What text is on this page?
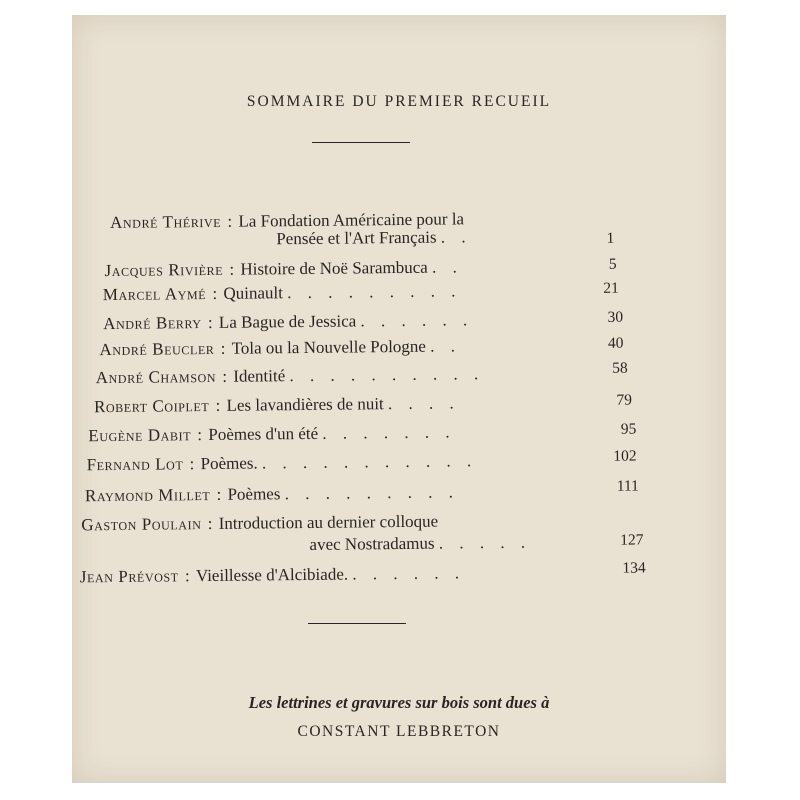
SOMMAIRE DU PREMIER RECUEIL
André Thérive : La Fondation Américaine pour la
Pensée et l'Art Français . .	1
Jacques Rivière : Histoire de Noë Sarambuca . .	5
Marcel Aymé : Quinault . . . . . . . . .	21
André Berry : La Bague de Jessica . . . . . .	30
André Beucler : Tola ou la Nouvelle Pologne . .	40
André Chamson : Identité . . . . . . . . . .	58
Robert Coiplet : Les lavandières de nuit . . . .	79
Eugène Dabit : Poèmes d'un été . . . . . . .	95
Fernand Lot : Poèmes. . . . . . . . . . . .	102
Raymond Millet : Poèmes . . . . . . . . .	111
Gaston Poulain : Introduction au dernier colloque
avec Nostradamus . . . . .	127
Jean Prévost : Vieillesse d'Alcibiade. . . . . . .	134
Les lettrines et gravures sur bois sont dues à
CONSTANT LEBBRETON
